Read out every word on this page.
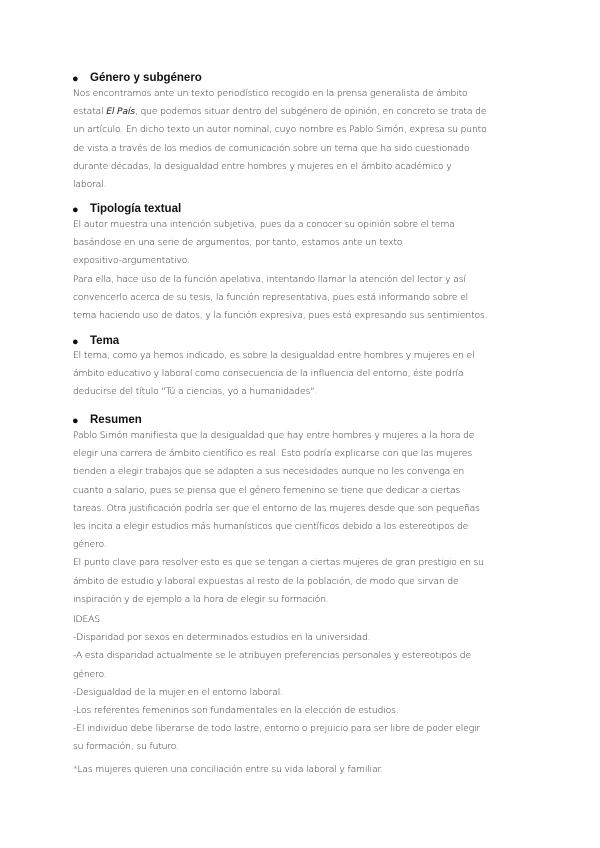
● Género y subgénero
Nos encontramos ante un texto periodístico recogido en la prensa generalista de ámbito
estatal El País, que podemos situar dentro del subgénero de opinión, en concreto se trata de
un artículo. En dicho texto un autor nominal, cuyo nombre es Pablo Simón, expresa su punto
de vista a través de los medios de comunicación sobre un tema que ha sido cuestionado
durante décadas, la desigualdad entre hombres y mujeres en el ámbito académico y
laboral.
● Tipología textual
El autor muestra una intención subjetiva, pues da a conocer su opinión sobre el tema
basándose en una serie de argumentos, por tanto, estamos ante un texto
expositivo-argumentativo.
Para ella, hace uso de la función apelativa, intentando llamar la atención del lector y así
convencerlo acerca de su tesis, la función representativa, pues está informando sobre el
tema haciendo uso de datos, y la función expresiva, pues está expresando sus sentimientos.
● Tema
El tema, como ya hemos indicado, es sobre la desigualdad entre hombres y mujeres en el
ámbito educativo y laboral como consecuencia de la influencia del entorno, éste podría
deducirse del título "Tú a ciencias, yo a humanidades".
● Resumen
Pablo Simón manifiesta que la desigualdad que hay entre hombres y mujeres a la hora de
elegir una carrera de ámbito científico es real. Esto podría explicarse con que las mujeres
tienden a elegir trabajos que se adapten a sus necesidades aunque no les convenga en
cuanto a salario, pues se piensa que el género femenino se tiene que dedicar a ciertas
tareas. Otra justificación podría ser que el entorno de las mujeres desde que son pequeñas
les incita a elegir estudios más humanísticos que científicos debido a los estereotipos de
género.
El punto clave para resolver esto es que se tengan a ciertas mujeres de gran prestigio en su
ámbito de estudio y laboral expuestas al resto de la población, de modo que sirvan de
inspiración y de ejemplo a la hora de elegir su formación.
IDEAS
-Disparidad por sexos en determinados estudios en la universidad.
-A esta disparidad actualmente se le atribuyen preferencias personales y estereotipos de
género.
-Desigualdad de la mujer en el entorno laboral.
-Los referentes femeninos son fundamentales en la elección de estudios.
-El individuo debe liberarse de todo lastre, entorno o prejuicio para ser libre de poder elegir
su formación, su futuro.
*Las mujeres quieren una conciliación entre su vida laboral y familiar.
